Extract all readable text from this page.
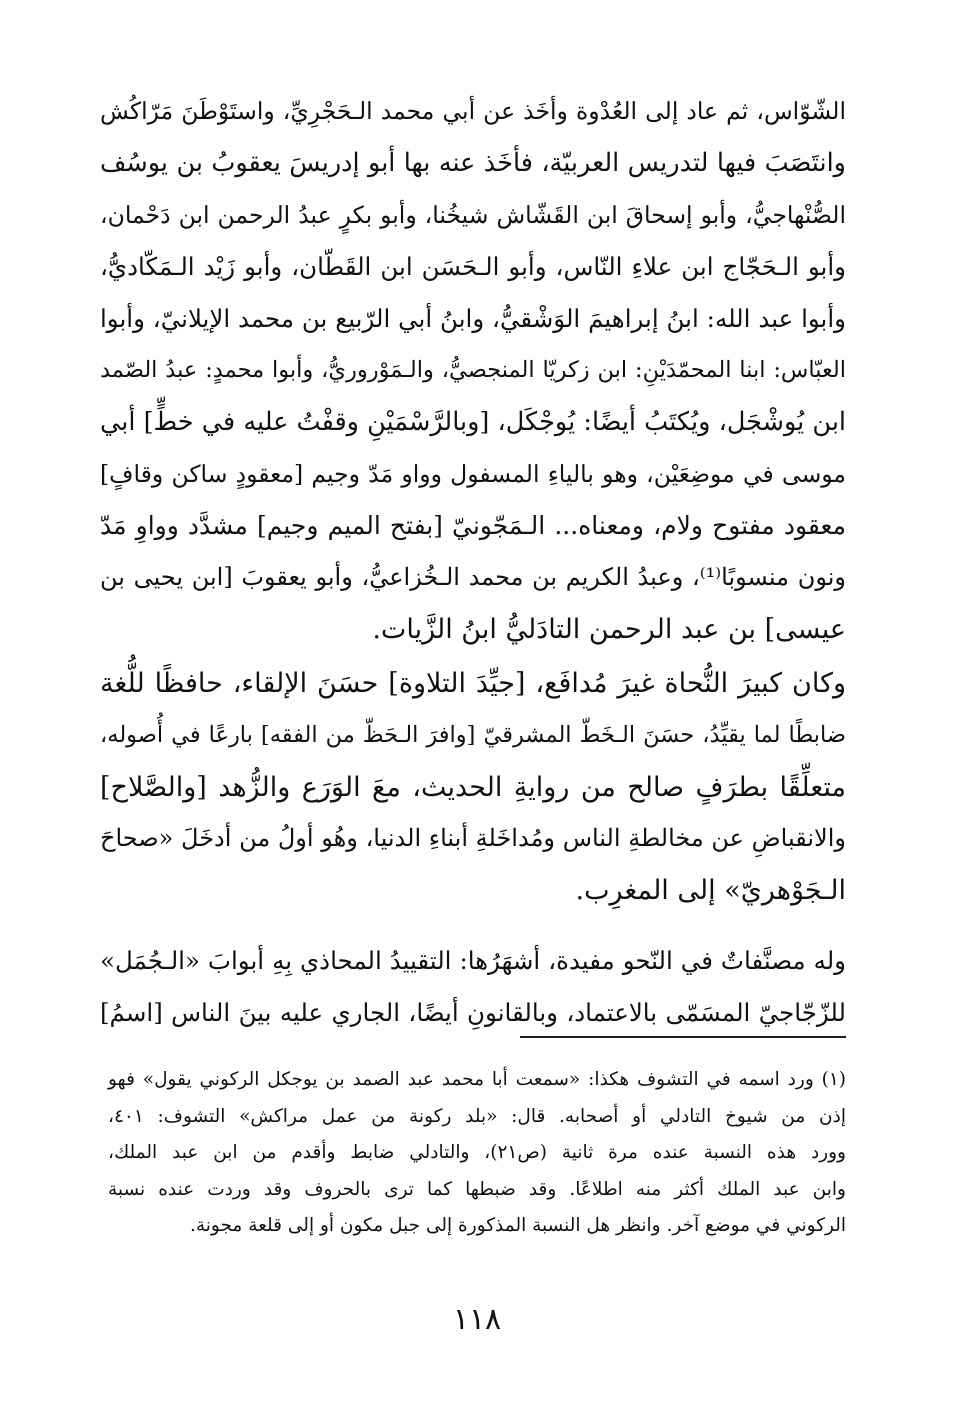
الشّوّاس، ثم عاد إلى العُدْوة وأخَذ عن أبي محمد الـحَجْرِيِّ، واستَوْطَنَ مَرّاكُش
وانتَصَبَ فيها لتدريس العربيّة، فأخَذ عنه بها أبو إدريسَ يعقوبُ بن يوسُف
الصُّنْهاجيُّ، وأبو إسحاقَ ابن القَشّاش شيخُنا، وأبو بكرٍ عبدُ الرحمن ابن دَحْمان،
وأبو الـحَجّاج ابن علاءِ النّاس، وأبو الـحَسَن ابن القَطّان، وأبو زَيْد الـمَكّاديُّ،
وأبوا عبد الله: ابنُ إبراهيمَ الوَشْقيُّ، وابنُ أبي الرّبيع بن محمد الإيلانيّ، وأبوا
العبّاس: ابنا المحمّدَيْنِ: ابن زكريّا المنجصيُّ، والـمَوْروريُّ، وأبوا محمدٍ: عبدُ الصّمد
ابن يُوشْجَل، ويُكتَبُ أيضًا: يُوجْكَل، [وبالرَّسْمَيْنِ وقفْتُ عليه في خطٍّ] أبي
موسى في موضِعَيْن، وهو بالياءِ المسفول وواو مَدّ وجيم [معقودٍ ساكن وقافٍ]
معقود مفتوح ولام، ومعناه... الـمَجّونيّ [بفتح الميم وجيم] مشدَّد وواوِ مَدّ
ونون منسوبًا⁽¹⁾، وعبدُ الكريم بن محمد الـخُزاعيُّ، وأبو يعقوبَ [ابن يحيى بن
عيسى] بن عبد الرحمن التادَليُّ ابنُ الزَّيات.
وكان كبيرَ النُّحاة غيرَ مُدافَع، [جيِّدَ التلاوة] حسَنَ الإلقاء، حافظًا للُّغة
ضابطًا لما يقيِّدُ، حسَنَ الـخَطّ المشرقيّ [وافرَ الـحَظّ من الفقه] بارعًا في أُصوله،
متعلِّقًا بطرَفٍ صالح من روايةِ الحديث، معَ الوَرَع والزُّهد [والصَّلاح]
والانقباضِ عن مخالطةِ الناس ومُداخَلةِ أبناءِ الدنيا، وهُو أولُ من أدخَلَ «صحاحَ
الـجَوْهريّ» إلى المغرِب.
وله مصنَّفاتٌ في النّحو مفيدة، أشهَرُها: التقييدُ المحاذي بِهِ أبوابَ «الـجُمَل»
للزّجّاجيّ المسَمّى بالاعتماد، وبالقانونِ أيضًا، الجاري عليه بينَ الناس [اسمُ]
(١) ورد اسمه في التشوف هكذا: «سمعت أبا محمد عبد الصمد بن يوجكل الركوني يقول» فهو
إذن من شيوخ التادلي أو أصحابه. قال: «بلد ركونة من عمل مراكش» التشوف: ٤٠١،
وورد هذه النسبة عنده مرة ثانية (ص٢١)، والتادلي ضابط وأقدم من ابن عبد الملك،
وابن عبد الملك أكثر منه اطلاعًا. وقد ضبطها كما ترى بالحروف وقد وردت عنده نسبة
الركوني في موضع آخر. وانظر هل النسبة المذكورة إلى جبل مكون أو إلى قلعة مجونة.
١١٨
